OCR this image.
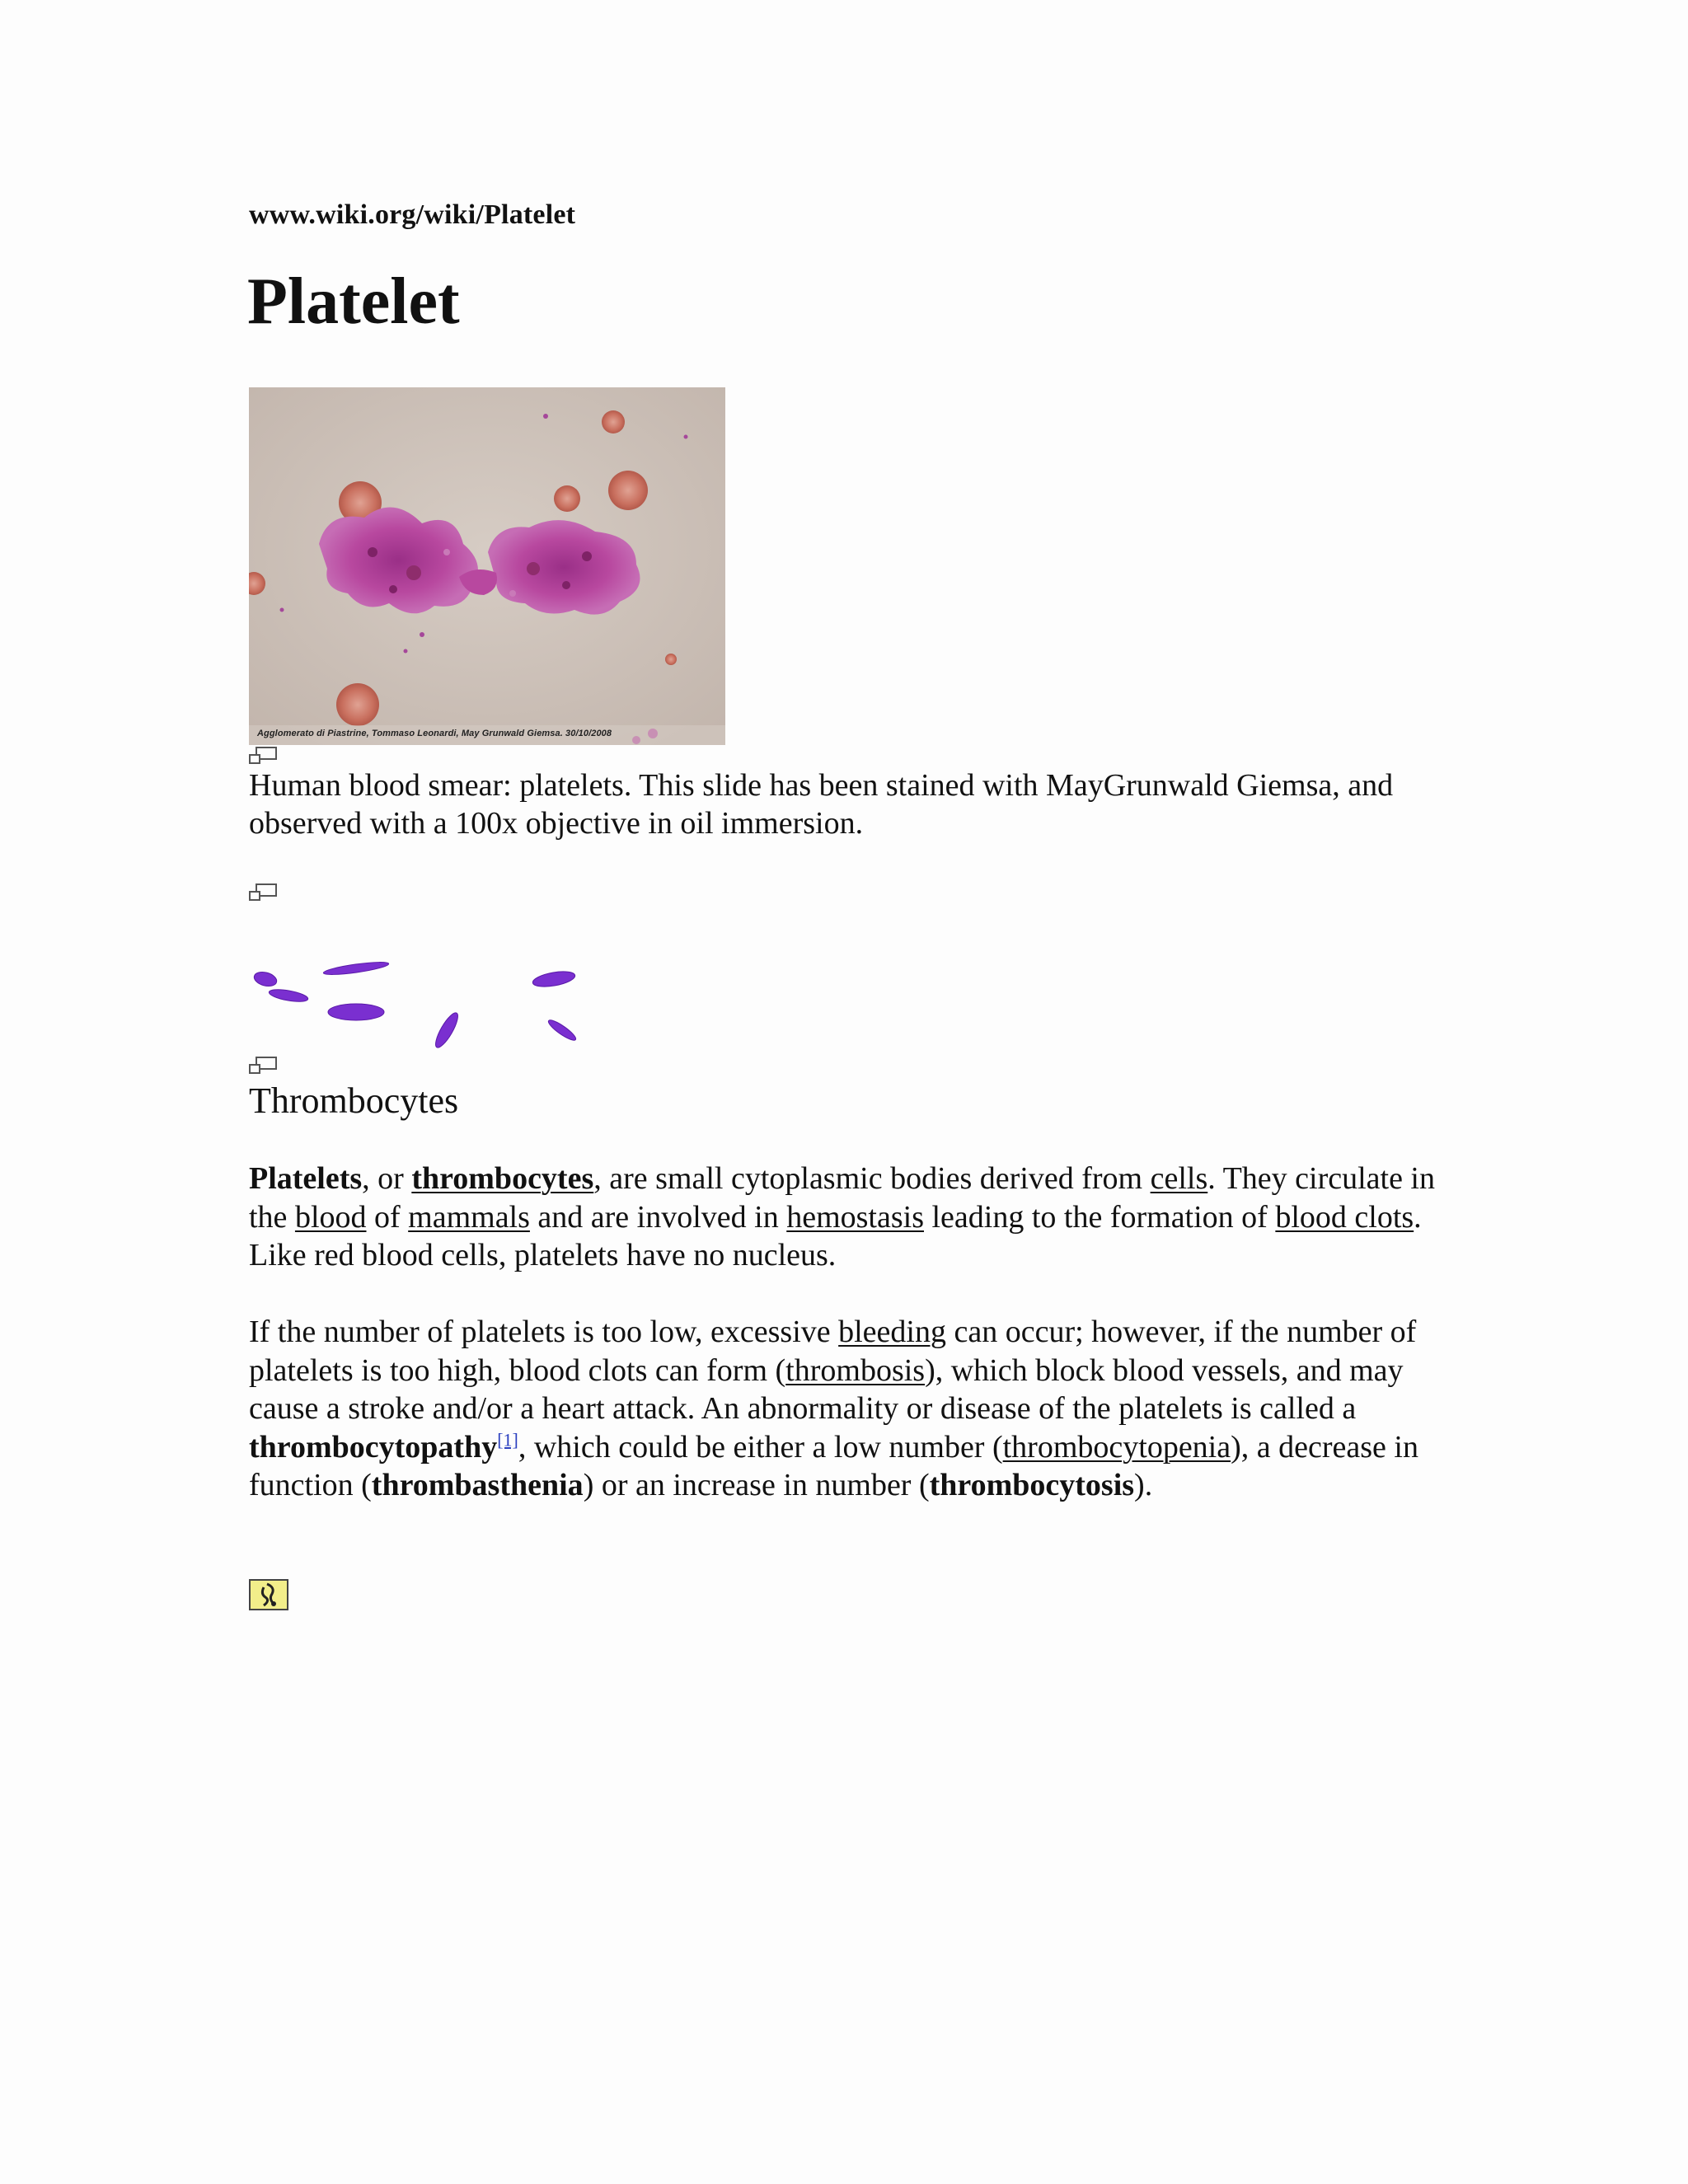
www.wiki.org/wiki/Platelet
Platelet
Agglomerato di Piastrine, Tommaso Leonardi, May Grunwald Giemsa. 30/10/2008
Human blood smear: platelets. This slide has been stained with MayGrunwald Giemsa, and observed with a 100x objective in oil immersion.
Thrombocytes

Platelets, or thrombocytes, are small cytoplasmic bodies derived from cells. They circulate in the blood of mammals and are involved in hemostasis leading to the formation of blood clots. Like red blood cells, platelets have no nucleus.

If the number of platelets is too low, excessive bleeding can occur; however, if the number of platelets is too high, blood clots can form (thrombosis), which block blood vessels, and may cause a stroke and/or a heart attack. An abnormality or disease of the platelets is called a thrombocytopathy[1], which could be either a low number (thrombocytopenia), a decrease in function (thrombasthenia) or an increase in number (thrombocytosis).
